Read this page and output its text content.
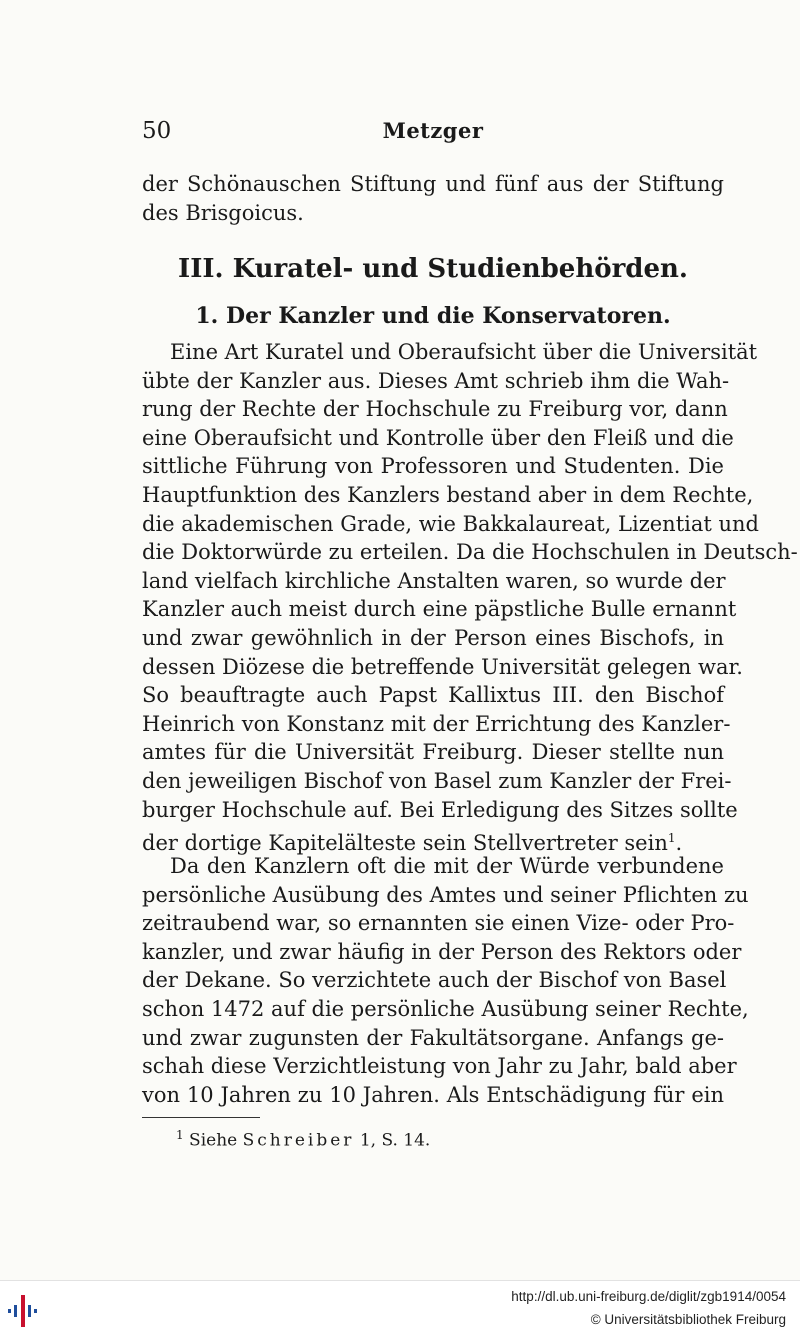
50	Metzger
der Schönauschen Stiftung und fünf aus der Stiftung
des Brisgoicus.
III. Kuratel- und Studienbehörden.
1. Der Kanzler und die Konservatoren.
Eine Art Kuratel und Oberaufsicht über die Universität
übte der Kanzler aus. Dieses Amt schrieb ihm die Wah-
rung der Rechte der Hochschule zu Freiburg vor, dann
eine Oberaufsicht und Kontrolle über den Fleiß und die
sittliche Führung von Professoren und Studenten. Die
Hauptfunktion des Kanzlers bestand aber in dem Rechte,
die akademischen Grade, wie Bakkalaureat, Lizentiat und
die Doktorwürde zu erteilen. Da die Hochschulen in Deutsch-
land vielfach kirchliche Anstalten waren, so wurde der
Kanzler auch meist durch eine päpstliche Bulle ernannt
und zwar gewöhnlich in der Person eines Bischofs, in
dessen Diözese die betreffende Universität gelegen war.
So beauftragte auch Papst Kallixtus III. den Bischof
Heinrich von Konstanz mit der Errichtung des Kanzler-
amtes für die Universität Freiburg. Dieser stellte nun
den jeweiligen Bischof von Basel zum Kanzler der Frei-
burger Hochschule auf. Bei Erledigung des Sitzes sollte
der dortige Kapitelälteste sein Stellvertreter sein$^1$.
Da den Kanzlern oft die mit der Würde verbundene
persönliche Ausübung des Amtes und seiner Pflichten zu
zeitraubend war, so ernannten sie einen Vize- oder Pro-
kanzler, und zwar häufig in der Person des Rektors oder
der Dekane. So verzichtete auch der Bischof von Basel
schon 1472 auf die persönliche Ausübung seiner Rechte,
und zwar zugunsten der Fakultätsorgane. Anfangs ge-
schah diese Verzichtleistung von Jahr zu Jahr, bald aber
von 10 Jahren zu 10 Jahren. Als Entschädigung für ein
$^1$ Siehe Schreiber 1, S. 14.
http://dl.ub.uni-freiburg.de/diglit/zgb1914/0054
© Universitätsbibliothek Freiburg
